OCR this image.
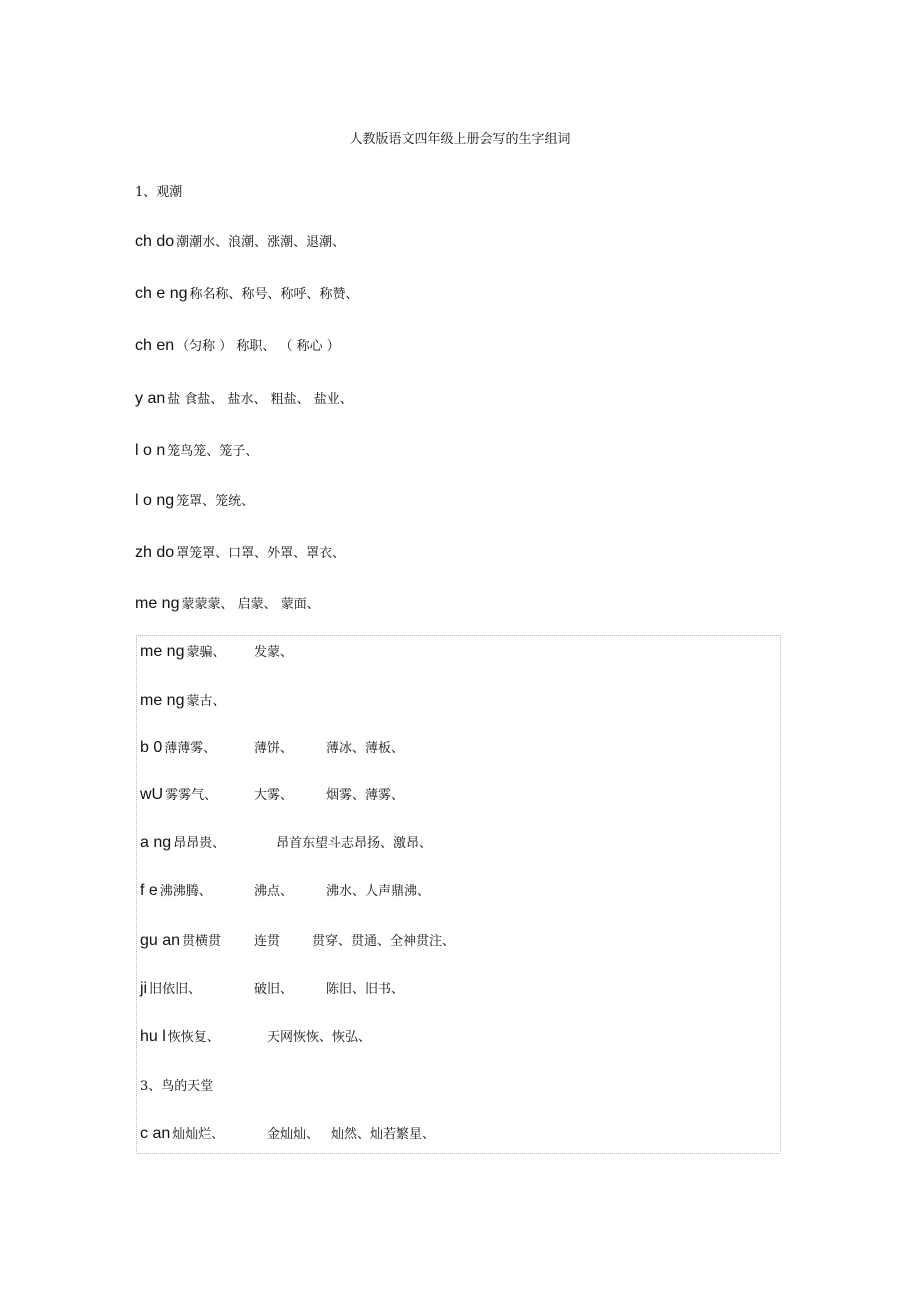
人教版语文四年级上册会写的生字组词
1、观潮
ch do 潮潮水、浪潮、涨潮、退潮、
ch e ng 称名称、称号、称呼、称赞、
ch en （匀称 ） 称职、 （ 称心 ）
y an 盐 食盐、 盐水、 粗盐、 盐业、
l o n 笼鸟笼、笼子、
l o ng 笼罩、笼统、
zh do 罩笼罩、口罩、外罩、罩衣、
me ng 蒙蒙蒙、 启蒙、 蒙面、
me ng 蒙骗、 发蒙、
me ng 蒙古、
b 0 薄薄雾、	薄饼、	薄冰、薄板、
wU 雾雾气、	大雾、	烟雾、薄雾、
a ng 昂昂贵、	昂首东望斗志昂扬、激昂、
f e 沸沸腾、	沸点、	沸水、人声鼎沸、
gu an 贯横贯	连贯 贯穿、贯通、全神贯注、
ji 旧依旧、	破旧、	陈旧、旧书、
hu l 恢恢复、	天网恢恢、恢弘、
3、鸟的天堂
c an 灿灿烂、	金灿灿、 灿然、灿若繁星、
